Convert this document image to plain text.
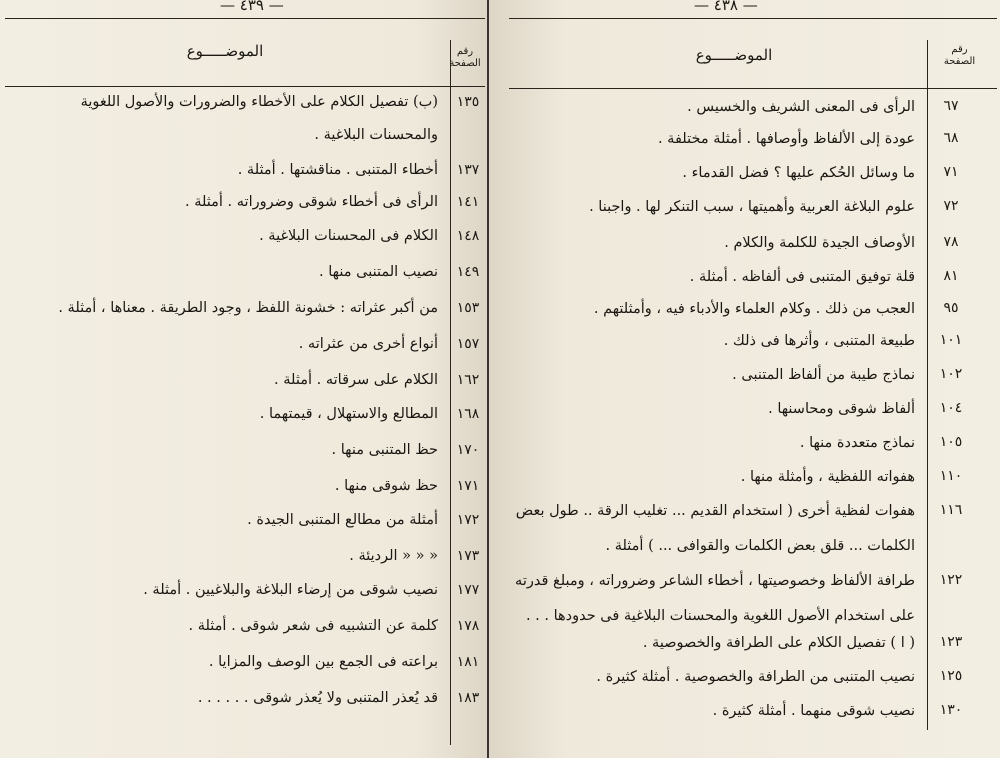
— ٤٣٩ —
الموضـــــوع	رقم
الصفحة
١٣٥
(ب) تفصيل الكلام على الأخطاء والضرورات والأصول اللغوية والمحسنات البلاغية .
١٣٧
أخطاء المتنبى . مناقشتها . أمثلة .
١٤١
الرأى فى أخطاء شوقى وضروراته . أمثلة .
١٤٨
الكلام فى المحسنات البلاغية .
١٤٩
نصيب المتنبى منها .
١٥٣
من أكبر عثراته : خشونة اللفظ ، وجود الطريقة . معناها ، أمثلة .
١٥٧
أنواع أخرى من عثراته .
١٦٢
الكلام على سرقاته . أمثلة .
١٦٨
المطالع والاستهلال ، قيمتهما .
١٧٠
حظ المتنبى منها .
١٧١
حظ شوقى منها .
١٧٢
أمثلة من مطالع المتنبى الجيدة .
١٧٣
« « « الرديئة .
١٧٧
نصيب شوقى من إرضاء البلاغة والبلاغيين . أمثلة .
١٧٨
كلمة عن التشبيه فى شعر شوقى . أمثلة .
١٨١
براعته فى الجمع بين الوصف والمزايا .
١٨٣
قد يُعذر المتنبى ولا يُعذر شوقى . . . . . .
— ٤٣٨ —
الموضـــــوع	رقم
الصفحة
٦٧
الرأى فى المعنى الشريف والخسيس .
٦٨
عودة إلى الألفاظ وأوصافها . أمثلة مختلفة .
٧١
ما وسائل الحُكم عليها ؟ فضل القدماء .
٧٢
علوم البلاغة العربية وأهميتها ، سبب التنكر لها . واجبنا .
٧٨
الأوصاف الجيدة للكلمة والكلام .
٨١
قلة توفيق المتنبى فى ألفاظه . أمثلة .
٩٥
العجب من ذلك . وكلام العلماء والأدباء فيه ، وأمثلتهم .
١٠١
طبيعة المتنبى ، وأثرها فى ذلك .
١٠٢
نماذج طيبة من ألفاظ المتنبى .
١٠٤
ألفاظ شوقى ومحاسنها .
١٠٥
نماذج متعددة منها .
١١٠
هفواته اللفظية ، وأمثلة منها .
١١٦
هفوات لفظية أخرى ( استخدام القديم ... تغليب الرقة .. طول بعض الكلمات ... قلق بعض الكلمات والقوافى ... ) أمثلة .
١٢٢
طرافة الألفاظ وخصوصيتها ، أخطاء الشاعر وضروراته ، ومبلغ قدرته على استخدام الأصول اللغوية والمحسنات البلاغية فى حدودها . . .
١٢٣
( ا ) تفصيل الكلام على الطرافة والخصوصية .
١٢٥
نصيب المتنبى من الطرافة والخصوصية . أمثلة كثيرة .
١٣٠
نصيب شوقى منهما . أمثلة كثيرة .
